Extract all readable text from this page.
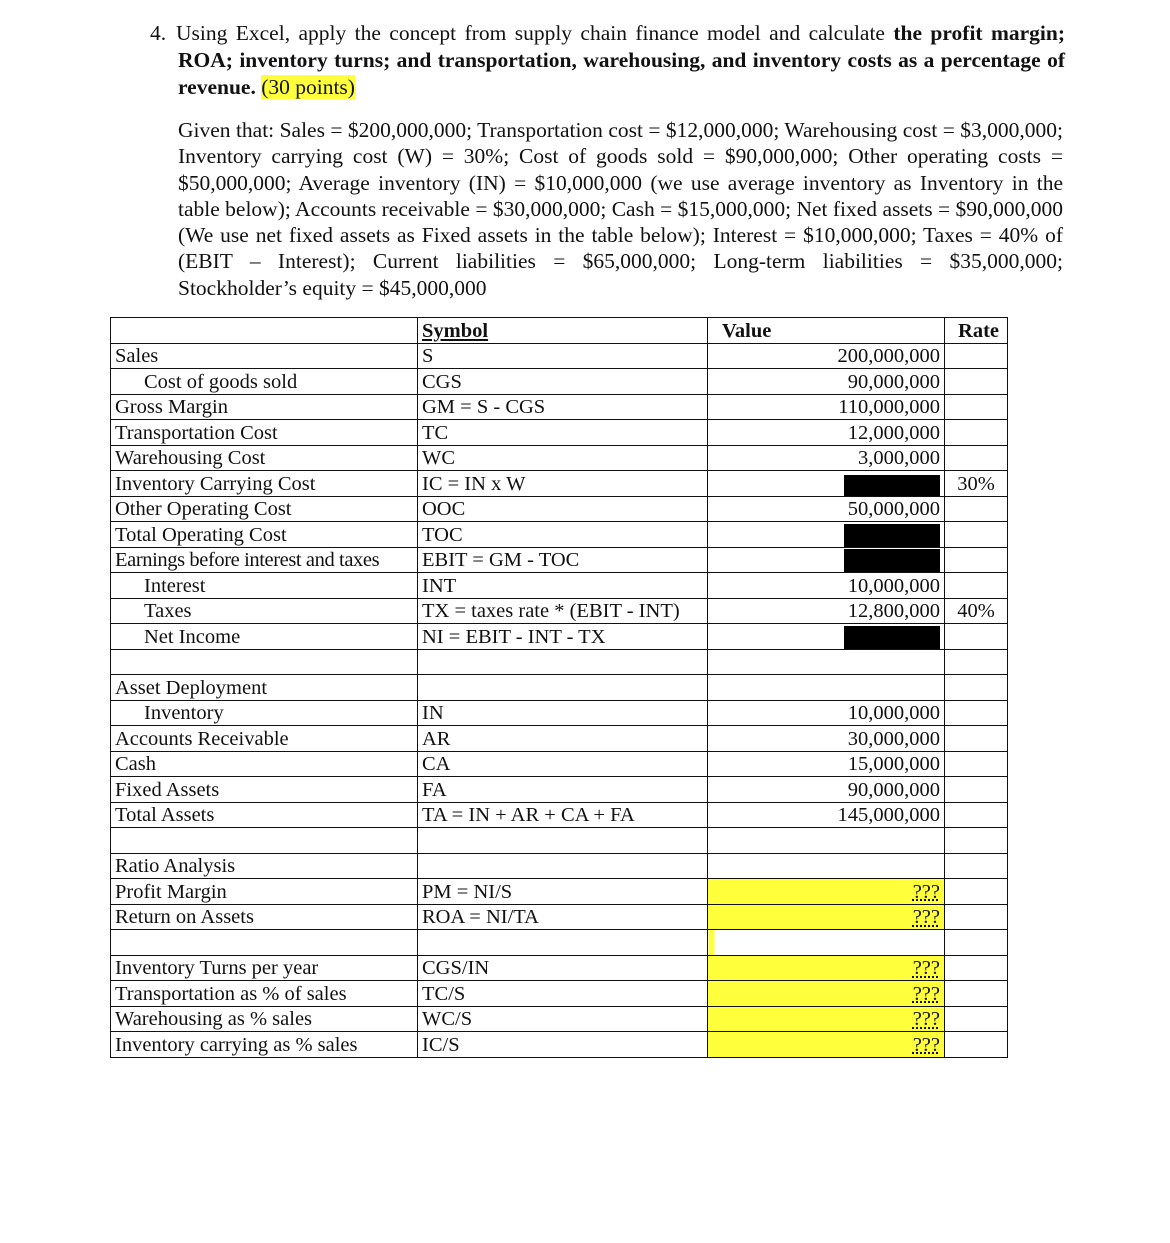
4. Using Excel, apply the concept from supply chain finance model and calculate the profit margin;

ROA; inventory turns; and transportation, warehousing, and inventory costs as a percentage of revenue. (30 points)

Given that: Sales = $200,000,000; Transportation cost = $12,000,000; Warehousing cost = $3,000,000; Inventory carrying cost (W) = 30%; Cost of goods sold = $90,000,000; Other operating costs = $50,000,000; Average inventory (IN) = $10,000,000 (we use average inventory as Inventory in the table below); Accounts receivable = $30,000,000; Cash = $15,000,000; Net fixed assets = $90,000,000 (We use net fixed assets as Fixed assets in the table below); Interest = $10,000,000; Taxes = 40% of (EBIT – Interest); Current liabilities = $65,000,000; Long-term liabilities = $35,000,000; Stockholder’s equity = $45,000,000

	Symbol	Value	Rate
Sales	S	200,000,000	
Cost of goods sold	CGS	90,000,000	
Gross Margin	GM = S - CGS	110,000,000	
Transportation Cost	TC	12,000,000	
Warehousing Cost	WC	3,000,000	
Inventory Carrying Cost	IC = IN x W		30%
Other Operating Cost	OOC	50,000,000	
Total Operating Cost	TOC	

Earnings before interest and taxes	EBIT = GM - TOC	

Interest	INT	10,000,000	
Taxes	TX = taxes rate * (EBIT - INT)	12,800,000	40%
Net Income	NI = EBIT - INT - TX	

Asset Deployment			
Inventory	IN	10,000,000	
Accounts Receivable	AR	30,000,000	
Cash	CA	15,000,000	
Fixed Assets	FA	90,000,000	
Total Assets	TA = IN + AR + CA + FA	145,000,000	

Ratio Analysis			
Profit Margin	PM = NI/S	???	
Return on Assets	ROA = NI/TA	???	

Inventory Turns per year	CGS/IN	???	
Transportation as % of sales	TC/S	???	
Warehousing as % sales	WC/S	???	
Inventory carrying as % sales	IC/S	???	
